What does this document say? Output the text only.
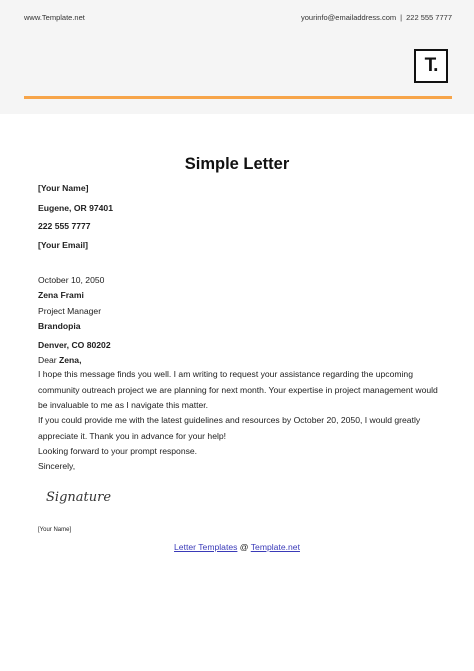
www.Template.net	yourinfo@emailaddress.com | 222 555 7777
T.
Simple Letter
[Your Name]
Eugene, OR 97401
222 555 7777
[Your Email]
October 10, 2050
Zena Frami
Project Manager
Brandopia
Denver, CO 80202
Dear Zena,
I hope this message finds you well. I am writing to request your assistance regarding the upcoming community outreach project we are planning for next month. Your expertise in project management would be invaluable to me as I navigate this matter.
If you could provide me with the latest guidelines and resources by October 20, 2050, I would greatly appreciate it. Thank you in advance for your help!
Looking forward to your prompt response.
Sincerely,
Signature
[Your Name]
Letter Templates @ Template.net
